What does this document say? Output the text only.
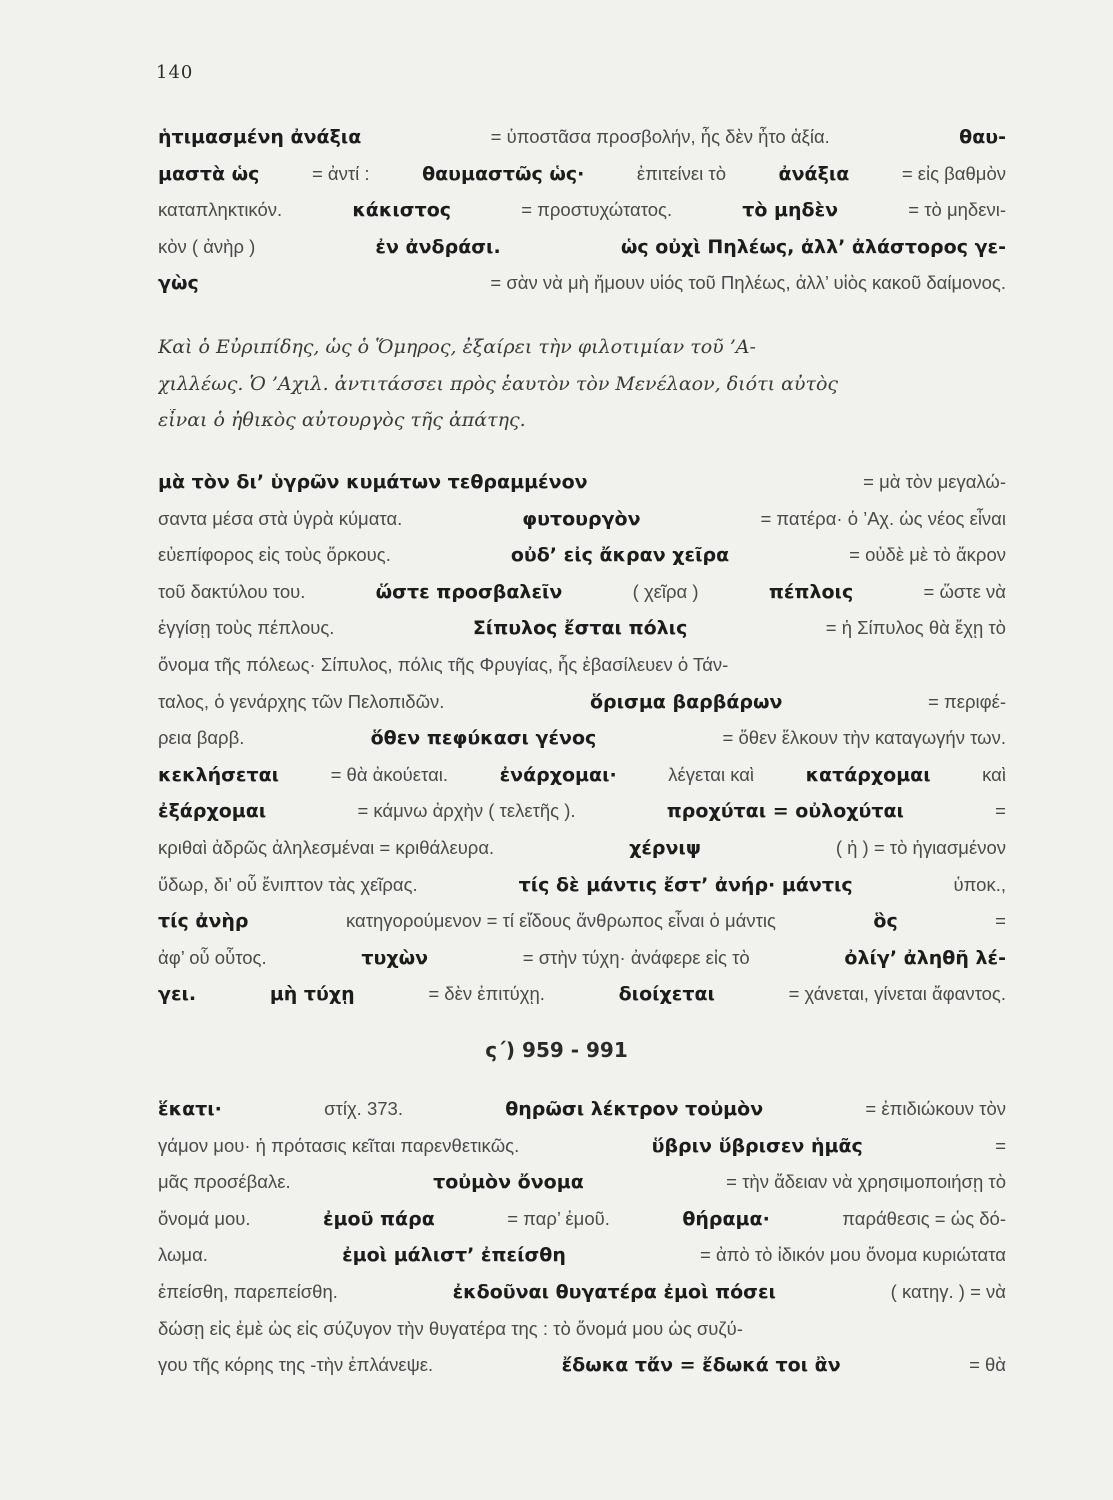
140
ἡτιμασμένη ἀνάξια	= ὑποστᾶσα προσβολήν, ἧς δὲν ἦτο ἀξία.	θαυ-
μαστὰ ὡς	= ἀντί :	θαυμαστῶς ὡς·	ἐπιτείνει τὸ	ἀνάξια	= εἰς βαθμὸν
καταπληκτικόν.	κάκιστος	= προστυχώτατος.	τὸ μηδὲν	= τὸ μηδενι-
κὸν ( ἀνὴρ )	ἐν ἀνδράσι.	ὡς οὐχὶ Πηλέως, ἀλλ’ ἀλάστορος γε-
γὼς	= σὰν νὰ μὴ ἤμουν υἱός τοῦ Πηλέως, ἀλλ’ υἱὸς κακοῦ δαίμονος.
Καὶ ὁ Εὐριπίδης, ὡς ὁ Ὅμηρος, ἐξαίρει τὴν φιλοτιμίαν τοῦ ’Α-
χιλλέως. Ὁ ’Αχιλ. ἀντιτάσσει πρὸς ἑαυτὸν τὸν Μενέλαον, διότι αὐτὸς
εἶναι ὁ ἠθικὸς αὐτουργὸς τῆς ἀπάτης.
μὰ τὸν δι’ ὑγρῶν κυμάτων τεθραμμένον	= μὰ τὸν μεγαλώ-
σαντα μέσα στὰ ὑγρὰ κύματα.	φυτουργὸν	= πατέρα· ὁ ’Αχ. ὡς νέος εἶναι
εὐεπίφορος εἰς τοὺς ὅρκους.	οὐδ’ εἰς ἄκραν χεῖρα	= οὐδὲ μὲ τὸ ἄκρον
τοῦ δακτύλου του.	ὥστε προσβαλεῖν	( χεῖρα )	πέπλοις	= ὥστε νὰ
ἐγγίσῃ τοὺς πέπλους.	Σίπυλος ἔσται πόλις	= ἡ Σίπυλος θὰ ἔχῃ τὸ
ὄνομα τῆς πόλεως· Σίπυλος, πόλις τῆς Φρυγίας, ἧς ἐβασίλευεν ὁ Τάν-
ταλος, ὁ γενάρχης τῶν Πελοπιδῶν.	ὅρισμα βαρβάρων	= περιφέ-
ρεια βαρβ.	ὅθεν πεφύκασι γένος	= ὅθεν ἕλκουν τὴν καταγωγήν των.
κεκλήσεται	= θὰ ἀκούεται.	ἐνάρχομαι·	λέγεται καὶ	κατάρχομαι	καὶ
ἐξάρχομαι	= κάμνω ἀρχὴν ( τελετῆς ).	προχύται = οὐλοχύται	=
κριθαὶ ἀδρῶς ἀληλεσμέναι = κριθάλευρα.	χέρνιψ	( ἡ ) = τὸ ἡγιασμένον
ὕδωρ, δι’ οὗ ἔνιπτον τὰς χεῖρας.	τίς δὲ μάντις ἔστ’ ἀνήρ· μάντις	ὑποκ.,
τίς ἀνὴρ	κατηγορούμενον = τί εἴδους ἄνθρωπος εἶναι ὁ μάντις	ὃς	=
ἀφ’ οὗ οὗτος.	τυχὼν	= στὴν τύχη· ἀνάφερε εἰς τὸ	ὀλίγ’ ἀληθῆ λέ-
γει.	μὴ τύχῃ	= δὲν ἐπιτύχῃ.	διοίχεται	= χάνεται, γίνεται ἄφαντος.
ς΄) 959 - 991
ἕκατι·	στίχ. 373.	θηρῶσι λέκτρον τοὐμὸν	= ἐπιδιώκουν τὸν
γάμον μου· ἡ πρότασις κεῖται παρενθετικῶς.	ὕβριν ὕβρισεν ἡμᾶς	=
μᾶς προσέβαλε.	τοὐμὸν ὄνομα	= τὴν ἄδειαν νὰ χρησιμοποιήσῃ τὸ
ὄνομά μου.	ἐμοῦ πάρα	= παρ’ ἐμοῦ.	θήραμα·	παράθεσις = ὡς δό-
λωμα.	ἐμοὶ μάλιστ’ ἐπείσθη	= ἀπὸ τὸ ἰδικόν μου ὄνομα κυριώτατα
ἐπείσθη, παρεπείσθη.	ἐκδοῦναι θυγατέρα ἐμοὶ πόσει	( κατηγ. ) = νὰ
δώσῃ εἰς ἐμὲ ὡς εἰς σύζυγον τὴν θυγατέρα της : τὸ ὄνομά μου ὡς συζύ-
γου τῆς κόρης της -τὴν ἐπλάνεψε.	ἔδωκα τἄν = ἔδωκά τοι ἂν	= θὰ
